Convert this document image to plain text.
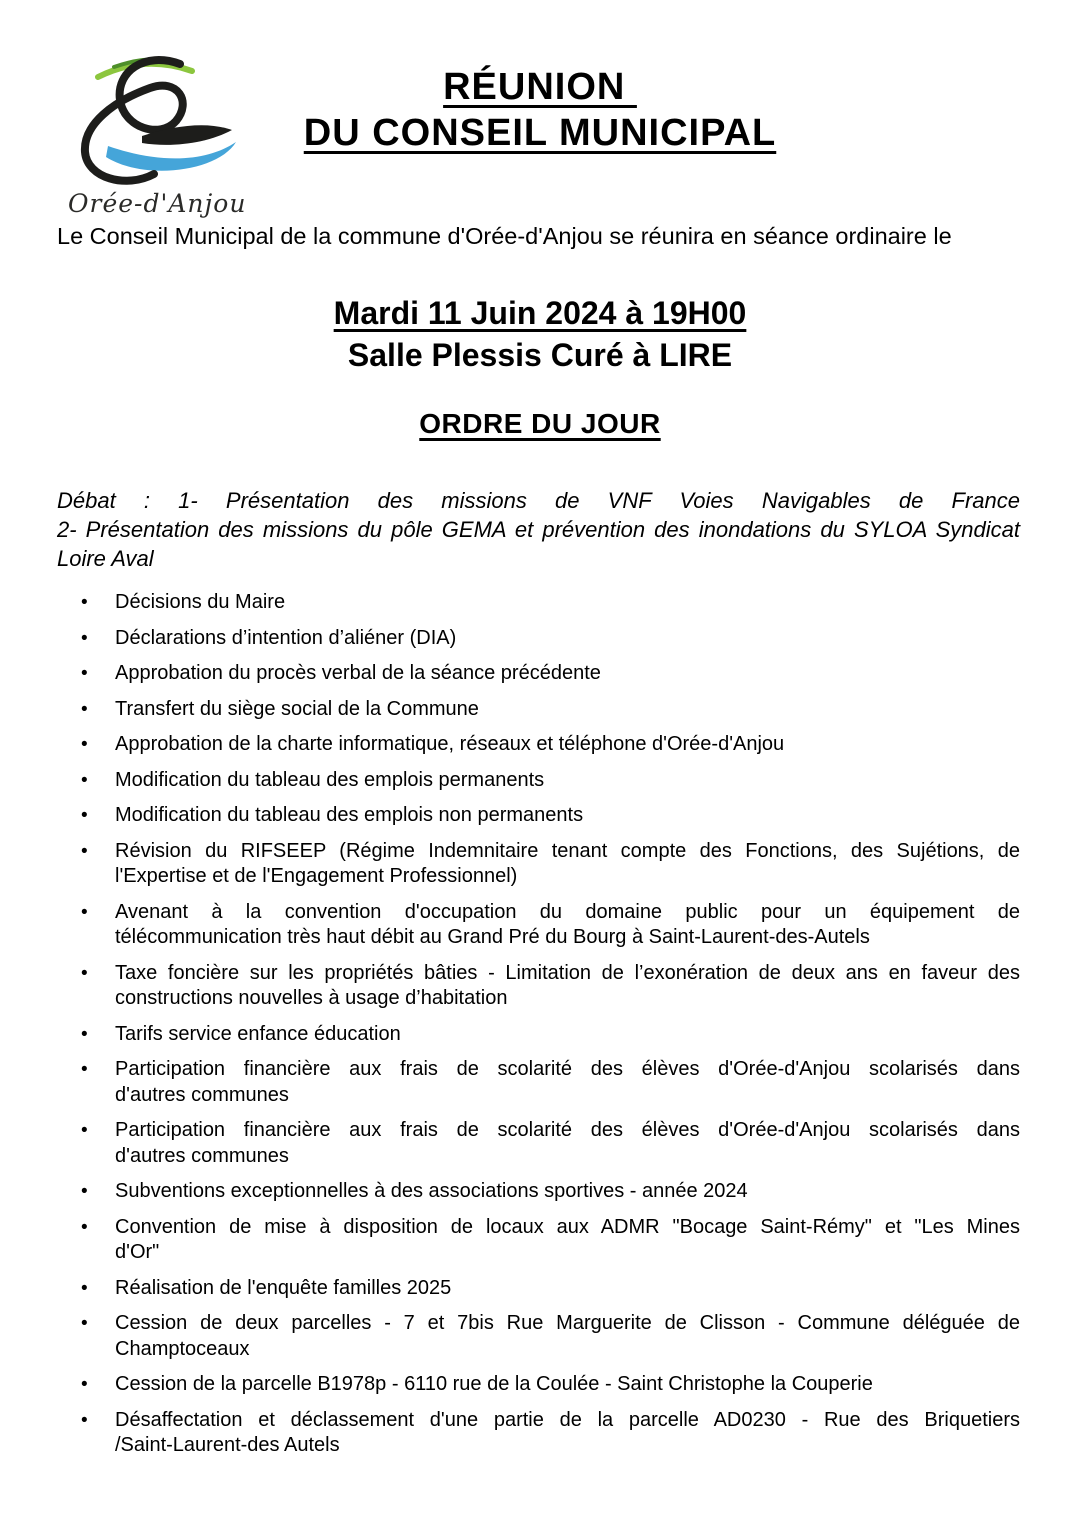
Orée-d'Anjou
RÉUNION
DU CONSEIL MUNICIPAL

Le Conseil Municipal de la commune d'Orée-d'Anjou se réunira en séance ordinaire le

Mardi 11 Juin 2024 à 19H00
Salle Plessis Curé à LIRE
ORDRE DU JOUR
Débat : 1- Présentation des missions de VNF Voies Navigables de France
2- Présentation des missions du pôle GEMA et prévention des inondations du SYLOA Syndicat
Loire Aval
• Décisions du Maire
• Déclarations d’intention d’aliéner (DIA)
• Approbation du procès verbal de la séance précédente
• Transfert du siège social de la Commune
• Approbation de la charte informatique, réseaux et téléphone d'Orée-d'Anjou
• Modification du tableau des emplois permanents
• Modification du tableau des emplois non permanents
• Révision du RIFSEEP (Régime Indemnitaire tenant compte des Fonctions, des Sujétions, de
l'Expertise et de l'Engagement Professionnel)
• Avenant à la convention d'occupation du domaine public pour un équipement de
télécommunication très haut débit au Grand Pré du Bourg à Saint-Laurent-des-Autels
• Taxe foncière sur les propriétés bâties - Limitation de l’exonération de deux ans en faveur des
constructions nouvelles à usage d’habitation
• Tarifs service enfance éducation
• Participation financière aux frais de scolarité des élèves d'Orée-d'Anjou scolarisés dans
d'autres communes
• Participation financière aux frais de scolarité des élèves d'Orée-d'Anjou scolarisés dans
d'autres communes
• Subventions exceptionnelles à des associations sportives - année 2024
• Convention de mise à disposition de locaux aux ADMR "Bocage Saint-Rémy" et "Les Mines
d'Or"
• Réalisation de l'enquête familles 2025
• Cession de deux parcelles - 7 et 7bis Rue Marguerite de Clisson - Commune déléguée de
Champtoceaux
• Cession de la parcelle B1978p - 6110 rue de la Coulée - Saint Christophe la Couperie
• Désaffectation et déclassement d'une partie de la parcelle AD0230 - Rue des Briquetiers
/Saint-Laurent-des Autels
